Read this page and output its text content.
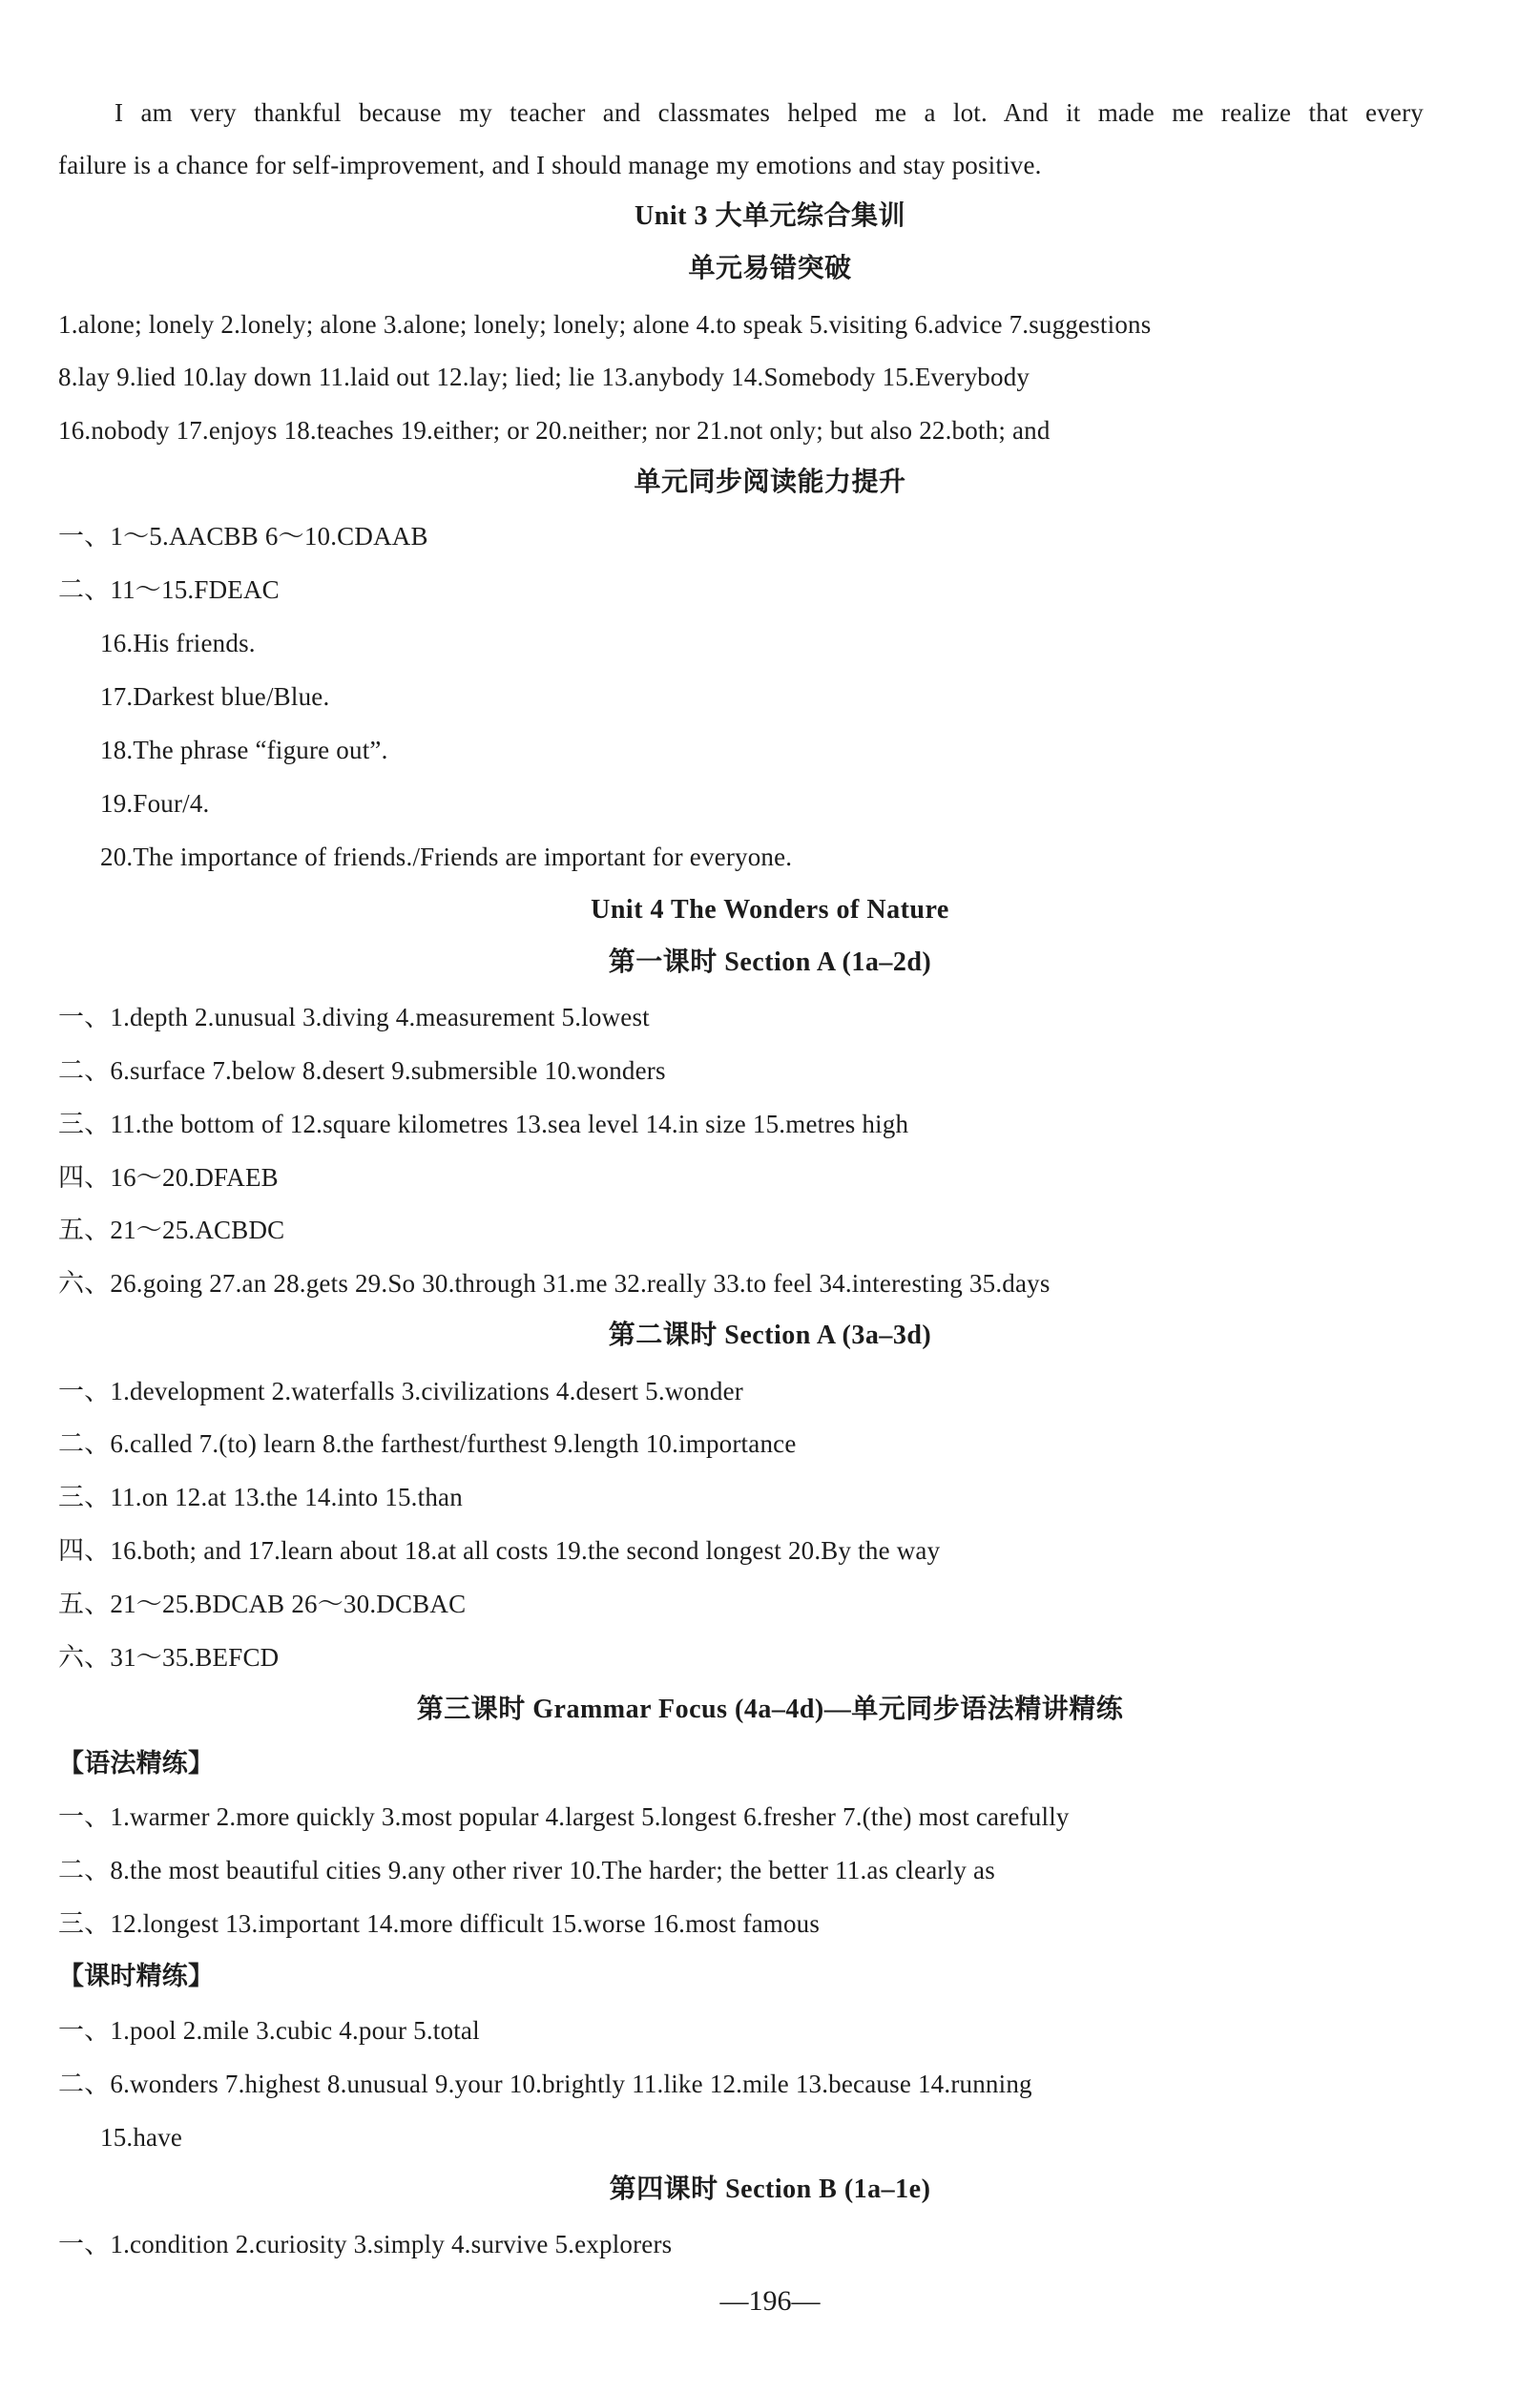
I am very thankful because my teacher and classmates helped me a lot. And it made me realize that every
failure is a chance for self-improvement, and I should manage my emotions and stay positive.
Unit 3 大单元综合集训
单元易错突破
1.alone; lonely 2.lonely; alone 3.alone; lonely; lonely; alone 4.to speak 5.visiting 6.advice 7.suggestions
8.lay 9.lied 10.lay down 11.laid out 12.lay; lied; lie 13.anybody 14.Somebody 15.Everybody
16.nobody 17.enjoys 18.teaches 19.either; or 20.neither; nor 21.not only; but also 22.both; and
单元同步阅读能力提升
一、1～5.AACBB 6～10.CDAAB
二、11～15.FDEAC
16.His friends.
17.Darkest blue/Blue.
18.The phrase “figure out”.
19.Four/4.
20.The importance of friends./Friends are important for everyone.
Unit 4 The Wonders of Nature
第一课时 Section A (1a–2d)
一、1.depth 2.unusual 3.diving 4.measurement 5.lowest
二、6.surface 7.below 8.desert 9.submersible 10.wonders
三、11.the bottom of 12.square kilometres 13.sea level 14.in size 15.metres high
四、16～20.DFAEB
五、21～25.ACBDC
六、26.going 27.an 28.gets 29.So 30.through 31.me 32.really 33.to feel 34.interesting 35.days
第二课时 Section A (3a–3d)
一、1.development 2.waterfalls 3.civilizations 4.desert 5.wonder
二、6.called 7.(to) learn 8.the farthest/furthest 9.length 10.importance
三、11.on 12.at 13.the 14.into 15.than
四、16.both; and 17.learn about 18.at all costs 19.the second longest 20.By the way
五、21～25.BDCAB 26～30.DCBAC
六、31～35.BEFCD
第三课时 Grammar Focus (4a–4d)—单元同步语法精讲精练
【语法精练】
一、1.warmer 2.more quickly 3.most popular 4.largest 5.longest 6.fresher 7.(the) most carefully
二、8.the most beautiful cities 9.any other river 10.The harder; the better 11.as clearly as
三、12.longest 13.important 14.more difficult 15.worse 16.most famous
【课时精练】
一、1.pool 2.mile 3.cubic 4.pour 5.total
二、6.wonders 7.highest 8.unusual 9.your 10.brightly 11.like 12.mile 13.because 14.running
15.have
第四课时 Section B (1a–1e)
一、1.condition 2.curiosity 3.simply 4.survive 5.explorers
—196—
